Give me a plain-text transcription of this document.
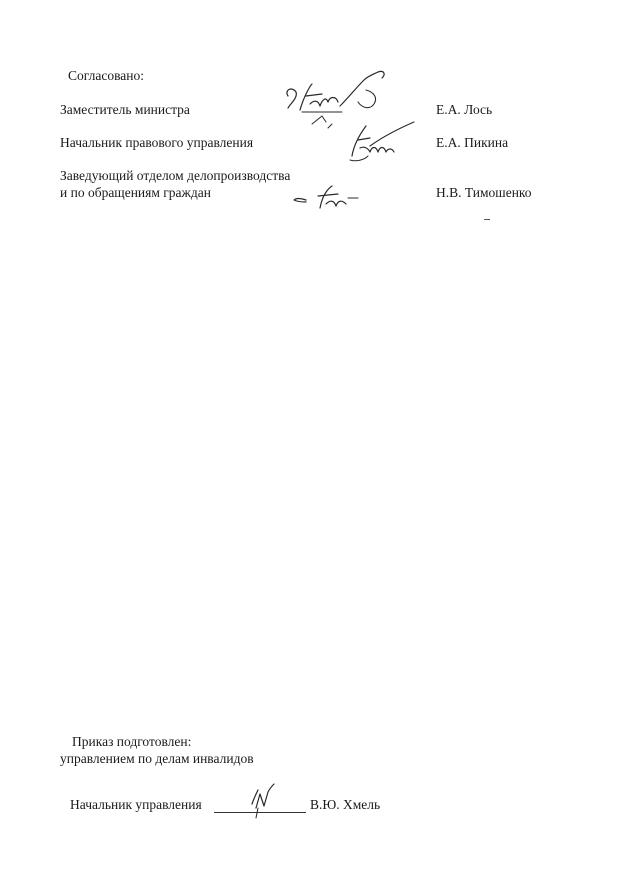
Согласовано:
Заместитель министра	Е.А. Лось
Начальник правового управления	Е.А. Пикина
Заведующий отделом делопроизводства
и по обращениям граждан	Н.В. Тимошенко
Приказ подготовлен:
управлением по делам инвалидов
Начальник управления	В.Ю. Хмель
